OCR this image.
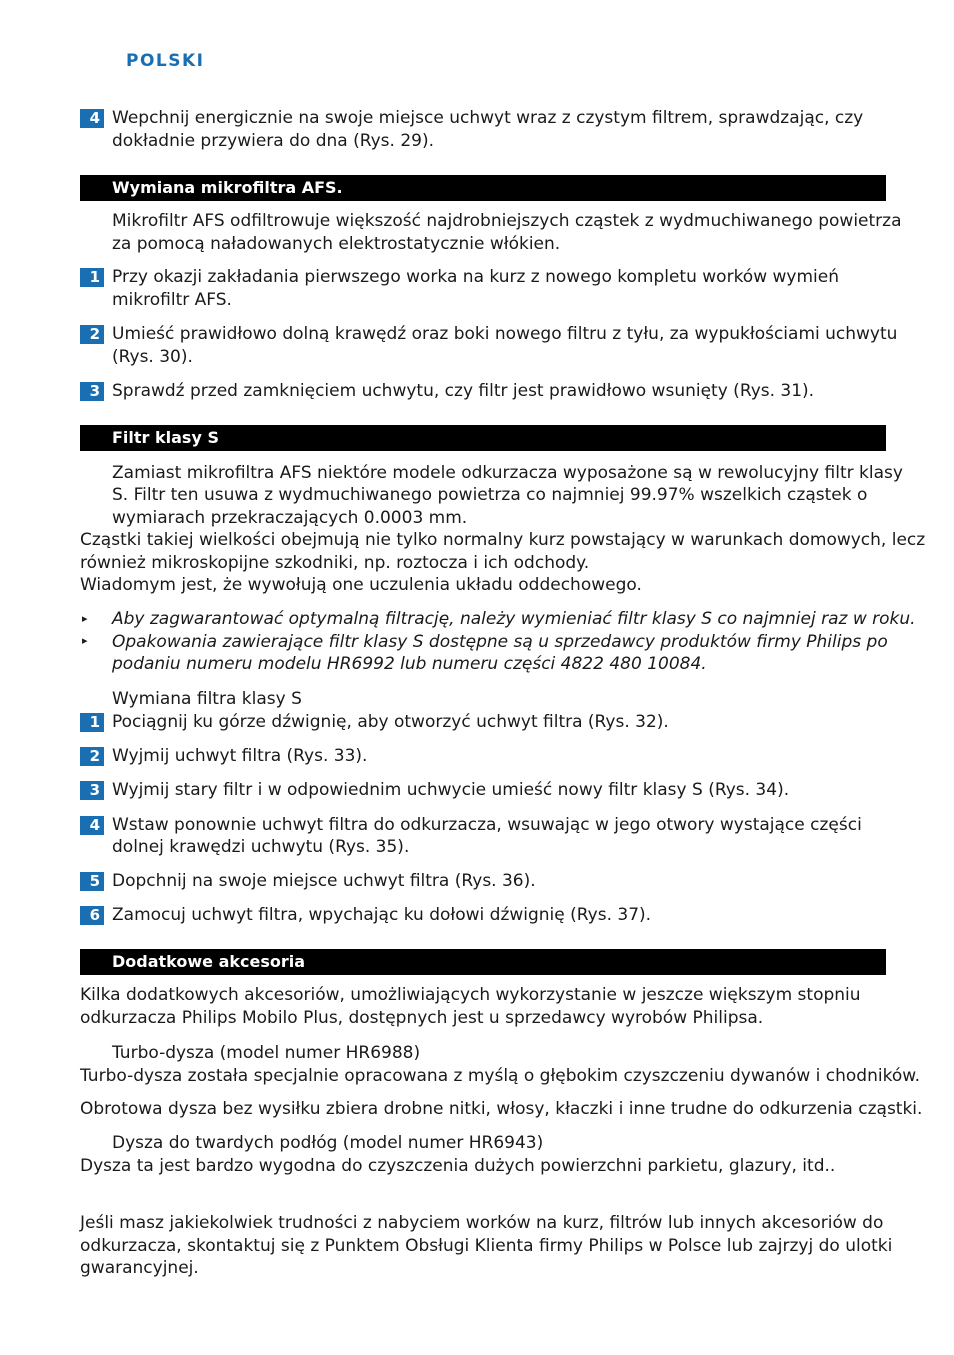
POLSKI
4 Wepchnij energicznie na swoje miejsce uchwyt wraz z czystym filtrem, sprawdzając, czy
dokładnie przywiera do dna (Rys. 29).
Wymiana mikrofiltra AFS.
Mikrofiltr AFS odfiltrowuje większość najdrobniejszych cząstek z wydmuchiwanego powietrza
za pomocą naładowanych elektrostatycznie włókien.
1 Przy okazji zakładania pierwszego worka na kurz z nowego kompletu worków wymień
mikrofiltr AFS.
2 Umieść prawidłowo dolną krawędź oraz boki nowego filtru z tyłu, za wypukłościami uchwytu
(Rys. 30).
3 Sprawdź przed zamknięciem uchwytu, czy filtr jest prawidłowo wsunięty (Rys. 31).
Filtr klasy S
Zamiast mikrofiltra AFS niektóre modele odkurzacza wyposażone są w rewolucyjny filtr klasy
S. Filtr ten usuwa z wydmuchiwanego powietrza co najmniej 99.97% wszelkich cząstek o
wymiarach przekraczających 0.0003 mm.
Cząstki takiej wielkości obejmują nie tylko normalny kurz powstający w warunkach domowych, lecz
również mikroskopijne szkodniki, np. roztocza i ich odchody.
Wiadomym jest, że wywołują one uczulenia układu oddechowego.
▸ Aby zagwarantować optymalną filtrację, należy wymieniać filtr klasy S co najmniej raz w roku.
▸ Opakowania zawierające filtr klasy S dostępne są u sprzedawcy produktów firmy Philips po
podaniu numeru modelu HR6992 lub numeru części 4822 480 10084.
Wymiana filtra klasy S
1 Pociągnij ku górze dźwignię, aby otworzyć uchwyt filtra (Rys. 32).
2 Wyjmij uchwyt filtra (Rys. 33).
3 Wyjmij stary filtr i w odpowiednim uchwycie umieść nowy filtr klasy S (Rys. 34).
4 Wstaw ponownie uchwyt filtra do odkurzacza, wsuwając w jego otwory wystające części
dolnej krawędzi uchwytu (Rys. 35).
5 Dopchnij na swoje miejsce uchwyt filtra (Rys. 36).
6 Zamocuj uchwyt filtra, wpychając ku dołowi dźwignię (Rys. 37).
Dodatkowe akcesoria
Kilka dodatkowych akcesoriów, umożliwiających wykorzystanie w jeszcze większym stopniu
odkurzacza Philips Mobilo Plus, dostępnych jest u sprzedawcy wyrobów Philipsa.
Turbo-dysza (model numer HR6988)
Turbo-dysza została specjalnie opracowana z myślą o głębokim czyszczeniu dywanów i chodników.
Obrotowa dysza bez wysiłku zbiera drobne nitki, włosy, kłaczki i inne trudne do odkurzenia cząstki.
Dysza do twardych podłóg (model numer HR6943)
Dysza ta jest bardzo wygodna do czyszczenia dużych powierzchni parkietu, glazury, itd..
Jeśli masz jakiekolwiek trudności z nabyciem worków na kurz, filtrów lub innych akcesoriów do
odkurzacza, skontaktuj się z Punktem Obsługi Klienta firmy Philips w Polsce lub zajrzyj do ulotki
gwarancyjnej.
